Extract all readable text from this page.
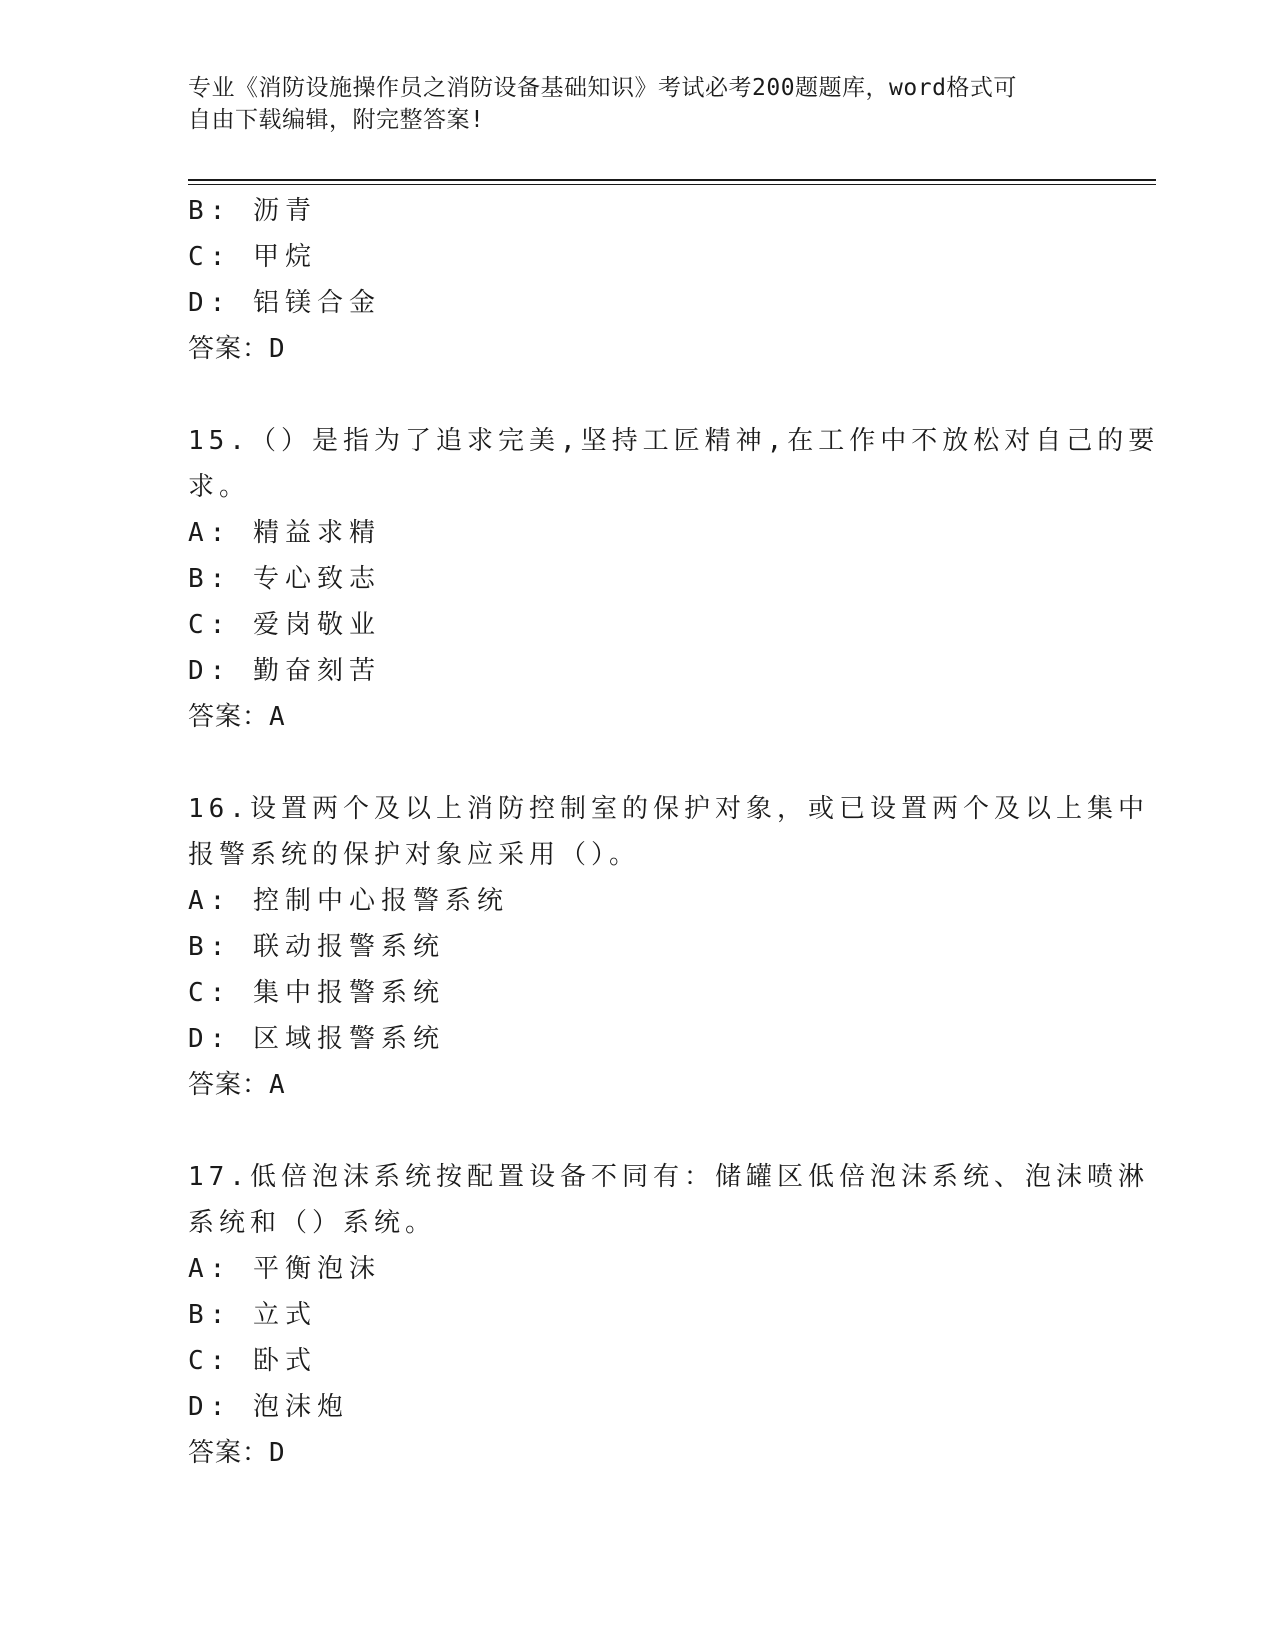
专业《消防设施操作员之消防设备基础知识》考试必考200题题库，word格式可
自由下载编辑，附完整答案!
B: 沥青
C: 甲烷
D: 铝镁合金
答案：D
15.（）是指为了追求完美,坚持工匠精神,在工作中不放松对自己的要
求。
A: 精益求精
B: 专心致志
C: 爱岗敬业
D: 勤奋刻苦
答案：A
16.设置两个及以上消防控制室的保护对象，或已设置两个及以上集中
报警系统的保护对象应采用（）。
A: 控制中心报警系统
B: 联动报警系统
C: 集中报警系统
D: 区域报警系统
答案：A
17.低倍泡沫系统按配置设备不同有：储罐区低倍泡沫系统、泡沫喷淋
系统和（）系统。
A: 平衡泡沫
B: 立式
C: 卧式
D: 泡沫炮
答案：D
